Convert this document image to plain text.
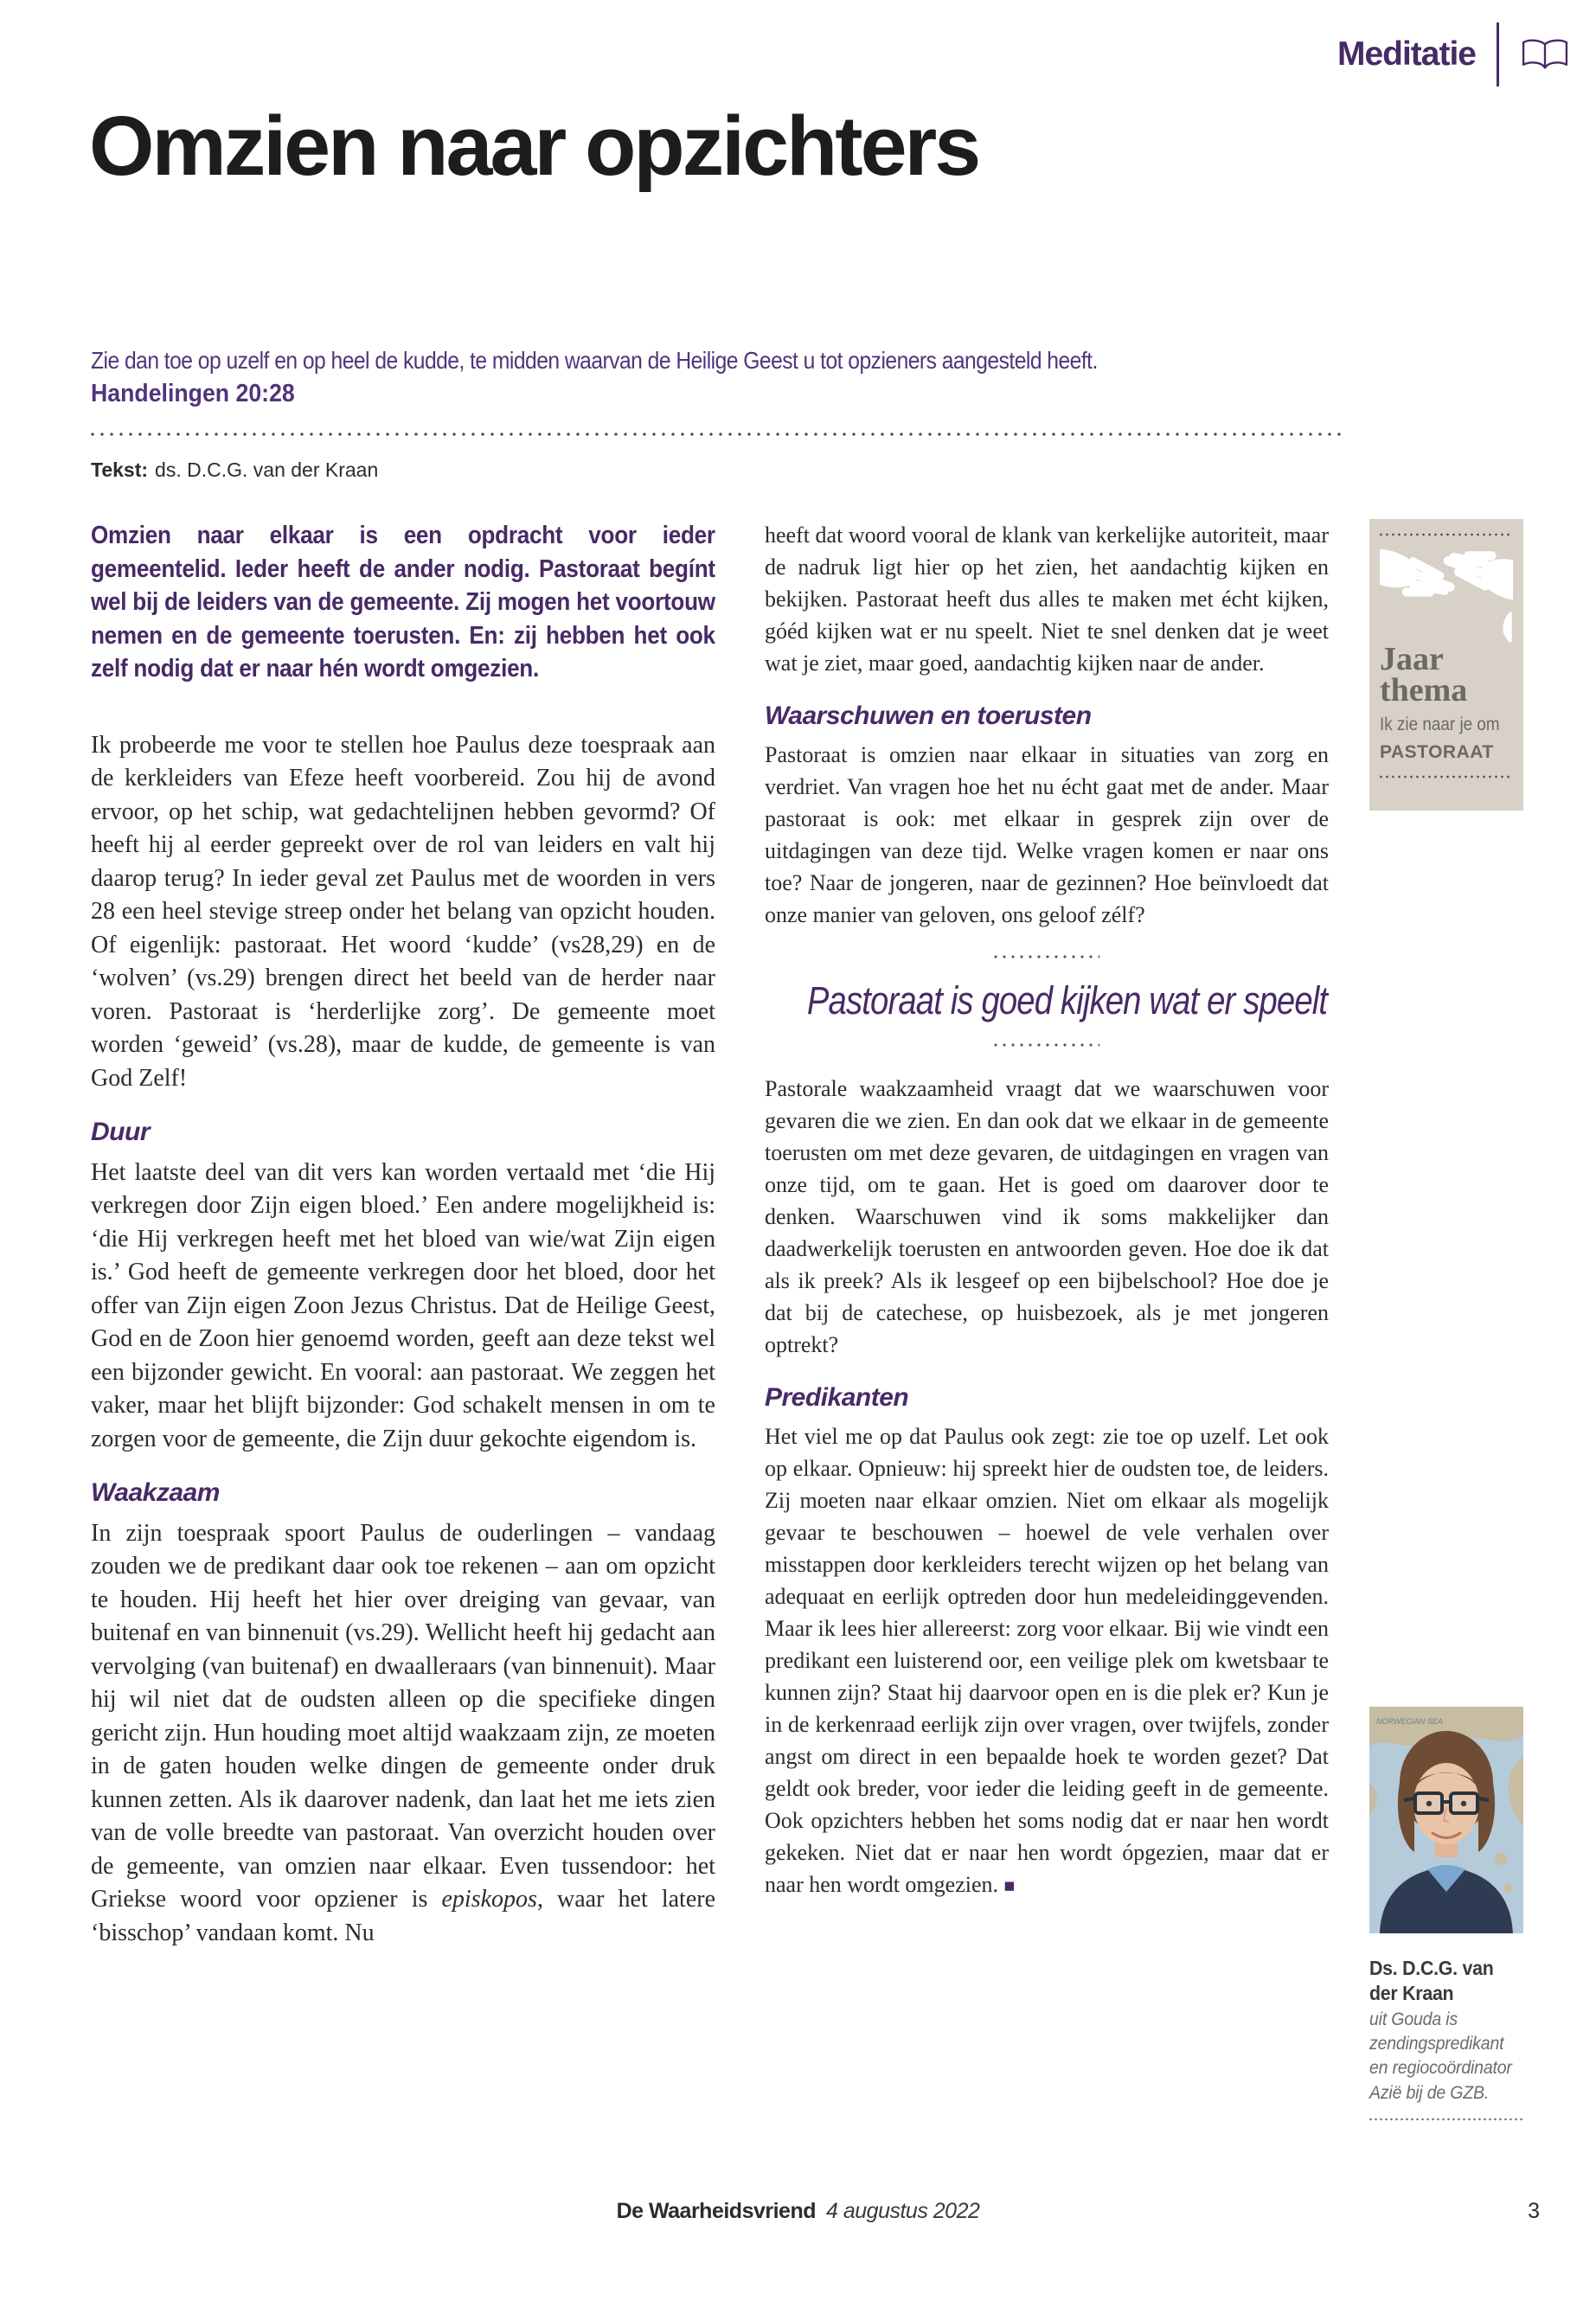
Meditatie
Omzien naar opzichters
Zie dan toe op uzelf en op heel de kudde, te midden waarvan de Heilige Geest u tot opzieners aangesteld heeft.
Handelingen 20:28
Tekst: ds. D.C.G. van der Kraan

Omzien naar elkaar is een opdracht voor ieder gemeentelid. Ieder heeft de ander nodig. Pastoraat begínt wel bij de leiders van de gemeente. Zij mogen het voortouw nemen en de gemeente toerusten. En: zij hebben het ook zelf nodig dat er naar hén wordt omgezien.

Ik probeerde me voor te stellen hoe Paulus deze toespraak aan de kerkleiders van Efeze heeft voorbereid. Zou hij de avond ervoor, op het schip, wat gedachtelijnen hebben gevormd? Of heeft hij al eerder gepreekt over de rol van leiders en valt hij daarop terug? In ieder geval zet Paulus met de woorden in vers 28 een heel stevige streep onder het belang van opzicht houden. Of eigenlijk: pastoraat. Het woord ‘kudde’ (vs28,29) en de ‘wolven’ (vs.29) brengen direct het beeld van de herder naar voren. Pastoraat is ‘herderlijke zorg’. De gemeente moet worden ‘geweid’ (vs.28), maar de kudde, de gemeente is van God Zelf!

Duur

Het laatste deel van dit vers kan worden vertaald met ‘die Hij verkregen door Zijn eigen bloed.’ Een andere mogelijkheid is: ‘die Hij verkregen heeft met het bloed van wie/wat Zijn eigen is.’ God heeft de gemeente verkregen door het bloed, door het offer van Zijn eigen Zoon Jezus Christus. Dat de Heilige Geest, God en de Zoon hier genoemd worden, geeft aan deze tekst wel een bijzonder gewicht. En vooral: aan pastoraat. We zeggen het vaker, maar het blijft bijzonder: God schakelt mensen in om te zorgen voor de gemeente, die Zijn duur gekochte eigendom is.

Waakzaam

In zijn toespraak spoort Paulus de ouderlingen – vandaag zouden we de predikant daar ook toe rekenen – aan om opzicht te houden. Hij heeft het hier over dreiging van gevaar, van buitenaf en van binnenuit (vs.29). Wellicht heeft hij gedacht aan vervolging (van buitenaf) en dwaalleraars (van binnenuit). Maar hij wil niet dat de oudsten alleen op die specifieke dingen gericht zijn. Hun houding moet altijd waakzaam zijn, ze moeten in de gaten houden welke dingen de gemeente onder druk kunnen zetten. Als ik daarover nadenk, dan laat het me iets zien van de volle breedte van pastoraat. Van overzicht houden over de gemeente, van omzien naar elkaar. Even tussendoor: het Griekse woord voor opziener is episkopos, waar het latere ‘bisschop’ vandaan komt. Nu

heeft dat woord vooral de klank van kerkelijke autoriteit, maar de nadruk ligt hier op het zien, het aandachtig kijken en bekijken. Pastoraat heeft dus alles te maken met écht kijken, góéd kijken wat er nu speelt. Niet te snel denken dat je weet wat je ziet, maar goed, aandachtig kijken naar de ander.

Waarschuwen en toerusten

Pastoraat is omzien naar elkaar in situaties van zorg en verdriet. Van vragen hoe het nu écht gaat met de ander. Maar pastoraat is ook: met elkaar in gesprek zijn over de uitdagingen van deze tijd. Welke vragen komen er naar ons toe? Naar de jongeren, naar de gezinnen? Hoe beïnvloedt dat onze manier van geloven, ons geloof zélf?

Pastoraat is goed kijken wat er speelt

Pastorale waakzaamheid vraagt dat we waarschuwen voor gevaren die we zien. En dan ook dat we elkaar in de gemeente toerusten om met deze gevaren, de uitdagingen en vragen van onze tijd, om te gaan. Het is goed om daarover door te denken. Waarschuwen vind ik soms makkelijker dan daadwerkelijk toerusten en antwoorden geven. Hoe doe ik dat als ik preek? Als ik lesgeef op een bijbelschool? Hoe doe je dat bij de catechese, op huisbezoek, als je met jongeren optrekt?

Predikanten

Het viel me op dat Paulus ook zegt: zie toe op uzelf. Let ook op elkaar. Opnieuw: hij spreekt hier de oudsten toe, de leiders. Zij moeten naar elkaar omzien. Niet om elkaar als mogelijk gevaar te beschouwen – hoewel de vele verhalen over misstappen door kerkleiders terecht wijzen op het belang van adequaat en eerlijk optreden door hun medeleidinggevenden. Maar ik lees hier allereerst: zorg voor elkaar. Bij wie vindt een predikant een luisterend oor, een veilige plek om kwetsbaar te kunnen zijn? Staat hij daarvoor open en is die plek er? Kun je in de kerkenraad eerlijk zijn over vragen, over twijfels, zonder angst om direct in een bepaalde hoek te worden gezet? Dat geldt ook breder, voor ieder die leiding geeft in de gemeente. Ook opzichters hebben het soms nodig dat er naar hen wordt gekeken. Niet dat er naar hen wordt ópgezien, maar dat er naar hen wordt omgezien. ■

Jaar
thema
Ik zie naar je om
PASTORAAT
NORWEGIAN SEA
Ds. D.C.G. van der Kraan
uit Gouda is zendingspredikant en regiocoördinator Azië bij de GZB.
De Waarheidsvriend 4 augustus 2022	3
